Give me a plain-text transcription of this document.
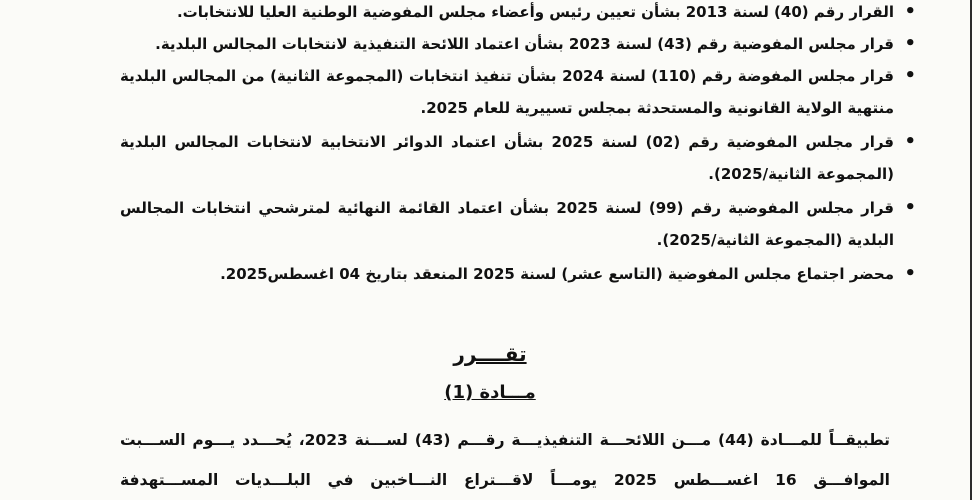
• القرار رقم (40) لسنة 2013 بشأن تعيين رئيس وأعضاء مجلس المفوضية الوطنية العليا للانتخابات.
• قرار مجلس المفوضية رقم (43) لسنة 2023 بشأن اعتماد اللائحة التنفيذية لانتخابات المجالس البلدية.
• قرار مجلس المفوضة رقم (110) لسنة 2024 بشأن تنفيذ انتخابات (المجموعة الثانية) من المجالس البلدية منتهية الولاية القانونية والمستحدثة بمجلس تسييرية للعام 2025.
• قرار مجلس المفوضية رقم (02) لسنة 2025 بشأن اعتماد الدوائر الانتخابية لانتخابات المجالس البلدية (المجموعة الثانية/2025).
• قرار مجلس المفوضية رقم (99) لسنة 2025 بشأن اعتماد القائمة النهائية لمترشحي انتخابات المجالس البلدية (المجموعة الثانية/2025).
• محضر اجتماع مجلس المفوضية (التاسع عشر) لسنة 2025 المنعقد بتاريخ 04 اغسطس2025.
تقــــرر
مـــادة (1)
تطبيقــاً للمـــادة (44) مـــن اللائحـــة التنفيذيـــة رقـــم (43) لســـنة 2023، يُحـــدد يـــوم الســـبت
الموافـــق 16 اغســـطس 2025 يومـــاً لاقـــتراع النـــاخبين في البلـــديات المســـتهدفة
